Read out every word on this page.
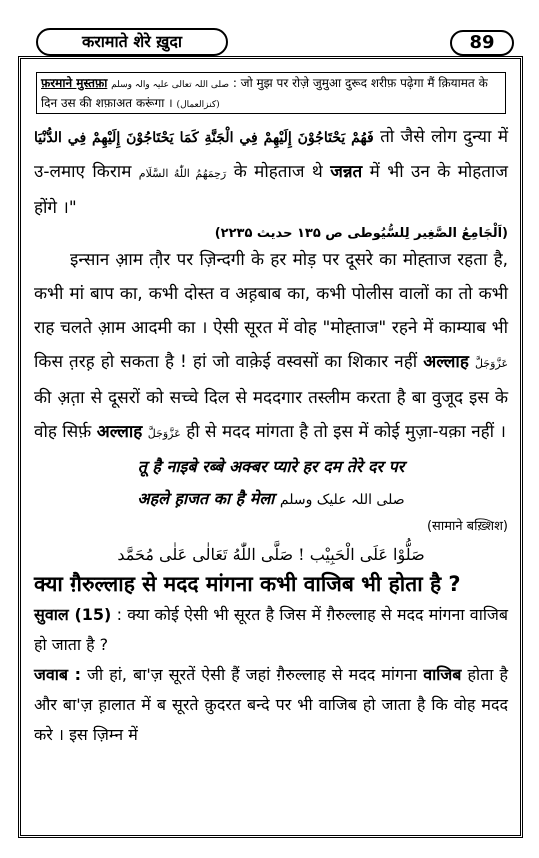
करामाते शेरे ख़ुदा	89
फ़रमाने मुस्तफ़ा صلی اللہ تعالی علیہ والہ وسلم : जो मुझ पर रोज़े जुमुआ दुरूद शरीफ़ पढ़ेगा मैं क़ियामत के दिन उस की शफ़ाअत करूंगा । (کنزالعمال)

فَهُمْ يَحْتَاجُوْنَ إِلَيْهِمْ فِي الْجَنَّةِ كَمَا يَحْتَاجُوْنَ إِلَيْهِمْ فِي الدُّنْيَا तो जैसे लोग दुन्या में उ-लमाए किराम رَحِمَهُمُ اللّٰهُ السَّلَام के मोहताज थे जन्नत में भी उन के मोहताज होंगे ।"

(اَلْجَامِعُ الصَّغِير لِلسُّيُوطی ص ۱۳۵ حديث ۲۲۳۵)

इन्सान आ़म तौ़र पर ज़िन्दगी के हर मोड़ पर दूसरे का मोह्ताज रहता है, कभी मां बाप का, कभी दोस्त व अह़बाब का, कभी पोलीस वालों का तो कभी राह चलते आ़म आदमी का । ऐसी सूरत में वोह "मोह्ताज" रहने में काम्याब भी किस त़रह़ हो सकता है ! हां जो वाक़ेई वस्वसों का शिकार नहीं अल्लाह عَزَّوَجَلَّ की अ़त़ा से दूसरों को सच्चे दिल से मददगार तस्लीम करता है बा वुजूद इस के वोह सिर्फ़ अल्लाह عَزَّوَجَلَّ ही से मदद मांगता है तो इस में कोई मुज़ा-यक़ा नहीं ।

तू है नाइबे रब्बे अक्बर प्यारे हर दम तेरे दर पर

अहले ह़ाजत का है मेला صلی اللہ علیک وسلم

(सामाने बख़्शिश)

صَلُّوْا عَلَى الْحَبِيْب ! صَلَّى اللّٰهُ تَعَالٰى عَلٰى مُحَمَّد

क्या ग़ैरुल्लाह से मदद मांगना कभी वाजिब भी होता है ?

सुवाल (15) : क्या कोई ऐसी भी सूरत है जिस में ग़ैरुल्लाह से मदद मांगना वाजिब हो जाता है ?

जवाब : जी हां, बा'ज़ सूरतें ऐसी हैं जहां ग़ैरुल्लाह से मदद मांगना वाजिब होता है और बा'ज़ ह़ालात में ब सूरते क़ुदरत बन्दे पर भी वाजिब हो जाता है कि वोह मदद करे । इस ज़िम्न में
